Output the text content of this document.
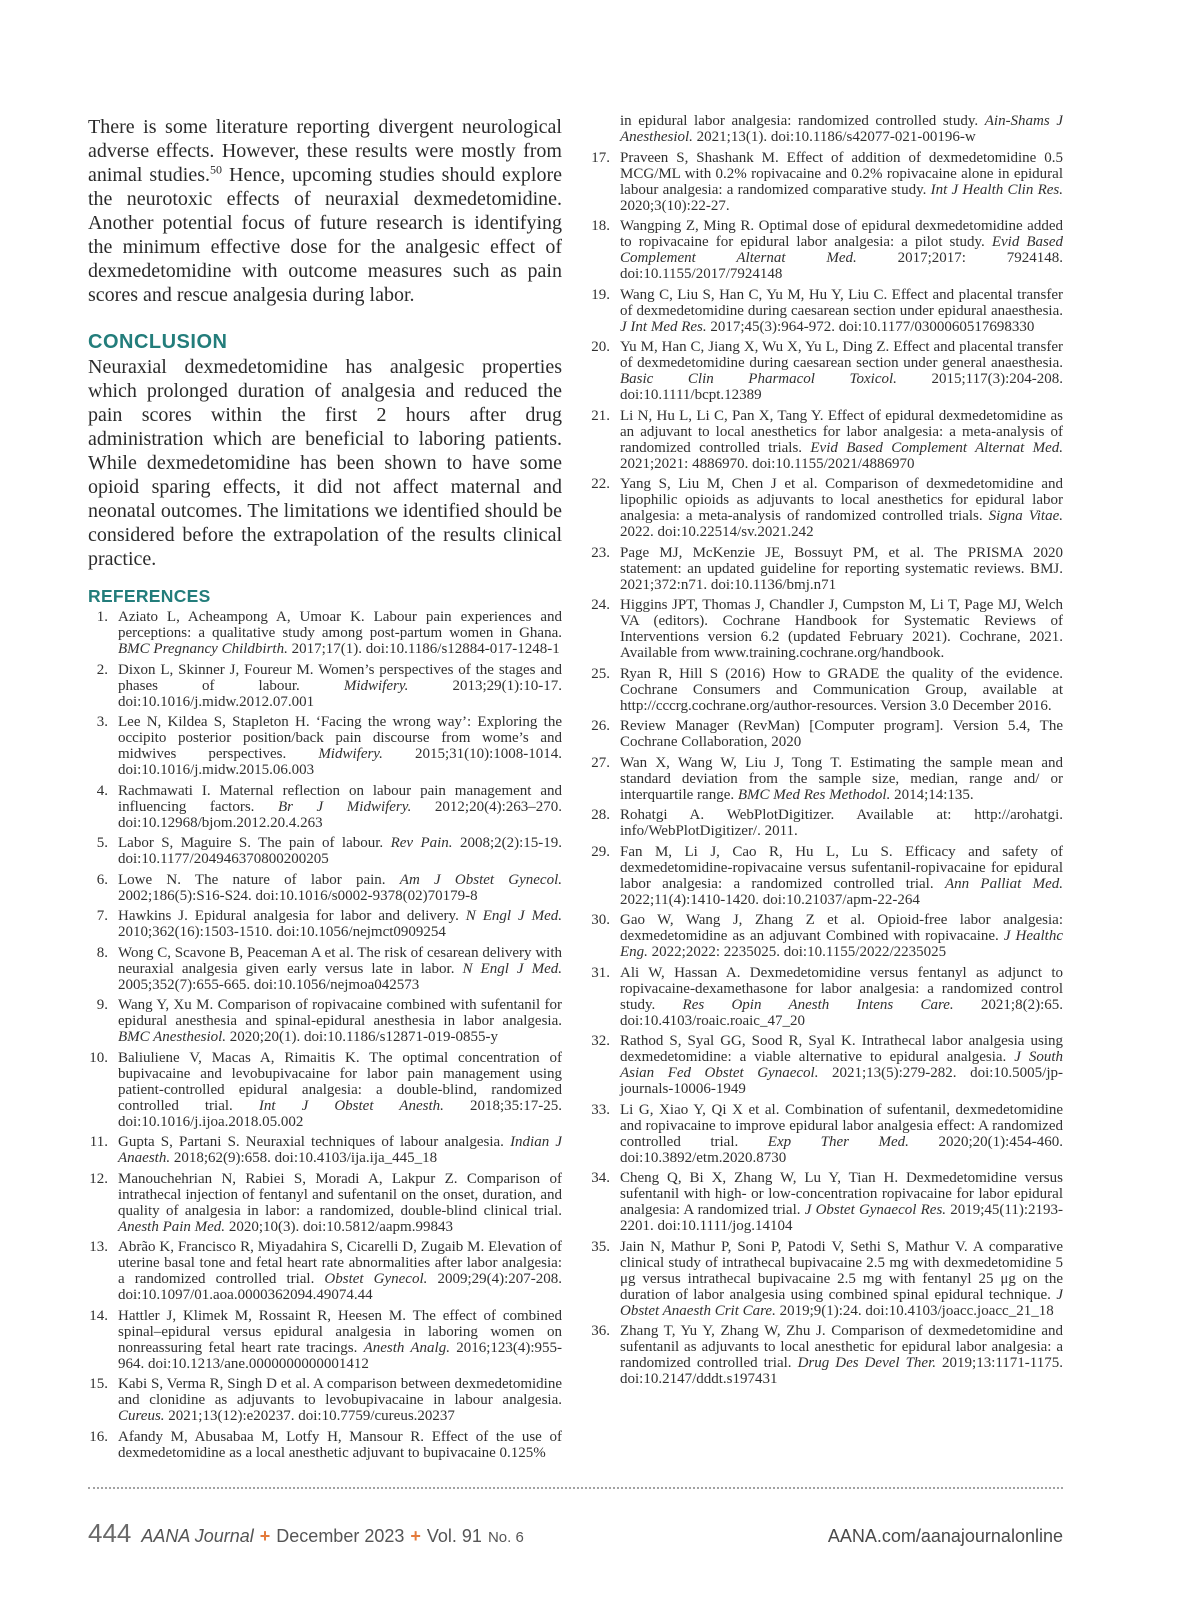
There is some literature reporting divergent neurological adverse effects. However, these results were mostly from animal studies.$^{50}$ Hence, upcoming studies should explore the neurotoxic effects of neuraxial dexmedetomidine. Another potential focus of future research is identifying the minimum effective dose for the analgesic effect of dexmedetomidine with outcome measures such as pain scores and rescue analgesia during labor.

CONCLUSION

Neuraxial dexmedetomidine has analgesic properties which prolonged duration of analgesia and reduced the pain scores within the first 2 hours after drug administration which are beneficial to laboring patients. While dexmedetomidine has been shown to have some opioid sparing effects, it did not affect maternal and neonatal outcomes. The limitations we identified should be considered before the extrapolation of the results clinical practice.

REFERENCES
1. Aziato L, Acheampong A, Umoar K. Labour pain experiences and perceptions: a qualitative study among post-partum women in Ghana. BMC Pregnancy Childbirth. 2017;17(1). doi:10.1186/s12884-017-1248-1
2. Dixon L, Skinner J, Foureur M. Women’s perspectives of the stages and phases of labour.	Midwifery.	2013;29(1):10-17. doi:10.1016/j.midw.2012.07.001
3. Lee N, Kildea S, Stapleton H. ‘Facing the wrong way’: Exploring the occipito posterior position/back pain discourse from wome’s and midwives perspectives. Midwifery. 2015;31(10):1008-1014. doi:10.1016/j.midw.2015.06.003
4. Rachmawati I. Maternal reflection on labour pain management and influencing factors. Br J Midwifery. 2012;20(4):263–270. doi:10.12968/bjom.2012.20.4.263
5. Labor S, Maguire S. The pain of labour. Rev Pain. 2008;2(2):15-19. doi:10.1177/204946370800200205
6. Lowe N. The nature of labor pain. Am J Obstet Gynecol. 2002;186(5):S16-S24. doi:10.1016/s0002-9378(02)70179-8
7. Hawkins J. Epidural analgesia for labor and delivery. N Engl J Med. 2010;362(16):1503-1510. doi:10.1056/nejmct0909254
8. Wong C, Scavone B, Peaceman A et al. The risk of cesarean delivery with neuraxial analgesia given early versus late in labor. N Engl J Med. 2005;352(7):655-665. doi:10.1056/nejmoa042573
9. Wang Y, Xu M. Comparison of ropivacaine combined with sufentanil for epidural anesthesia and spinal-epidural anesthesia in labor analgesia. BMC Anesthesiol. 2020;20(1). doi:10.1186/s12871-019-0855-y
10. Baliuliene V, Macas A, Rimaitis K. The optimal concentration of bupivacaine and levobupivacaine for labor pain management using patient-controlled epidural analgesia: a double-blind, randomized controlled trial. Int J Obstet Anesth. 2018;35:17-25. doi:10.1016/j.ijoa.2018.05.002
11. Gupta S, Partani S. Neuraxial techniques of labour analgesia. Indian J Anaesth. 2018;62(9):658. doi:10.4103/ija.ija_445_18
12. Manouchehrian N, Rabiei S, Moradi A, Lakpur Z. Comparison of intrathecal injection of fentanyl and sufentanil on the onset, duration, and quality of analgesia in labor: a randomized, double-blind clinical trial. Anesth Pain Med. 2020;10(3). doi:10.5812/aapm.99843
13. Abrão K, Francisco R, Miyadahira S, Cicarelli D, Zugaib M. Elevation of uterine basal tone and fetal heart rate abnormalities after labor analgesia: a randomized controlled trial. Obstet Gynecol. 2009;29(4):207-208. doi:10.1097/01.aoa.0000362094.49074.44
14. Hattler J, Klimek M, Rossaint R, Heesen M. The effect of combined spinal–epidural versus epidural analgesia in laboring women on nonreassuring fetal heart rate tracings. Anesth Analg. 2016;123(4):955-964. doi:10.1213/ane.0000000000001412
15. Kabi S, Verma R, Singh D et al. A comparison between dexmedetomidine and clonidine as adjuvants to levobupivacaine in labour analgesia. Cureus. 2021;13(12):e20237. doi:10.7759/cureus.20237
16. Afandy M, Abusabaa M, Lotfy H, Mansour R. Effect of the use of dexmedetomidine as a local anesthetic adjuvant to bupivacaine 0.125%
in epidural labor analgesia: randomized controlled study. Ain-Shams J Anesthesiol. 2021;13(1). doi:10.1186/s42077-021-00196-w
17. Praveen S, Shashank M. Effect of addition of dexmedetomidine 0.5 MCG/ML with 0.2% ropivacaine and 0.2% ropivacaine alone in epidural labour analgesia: a randomized comparative study. Int J Health Clin Res. 2020;3(10):22-27.
18. Wangping Z, Ming R. Optimal dose of epidural dexmedetomidine added to ropivacaine for epidural labor analgesia: a pilot study. Evid Based Complement Alternat Med.	2017;2017: 7924148. doi:10.1155/2017/7924148
19. Wang C, Liu S, Han C, Yu M, Hu Y, Liu C. Effect and placental transfer of dexmedetomidine during caesarean section under epidural anaesthesia. J Int Med Res. 2017;45(3):964-972. doi:10.1177/0300060517698330
20. Yu M, Han C, Jiang X, Wu X, Yu L, Ding Z. Effect and placental transfer of dexmedetomidine during caesarean section under general anaesthesia. Basic Clin Pharmacol Toxicol. 2015;117(3):204-208. doi:10.1111/bcpt.12389
21. Li N, Hu L, Li C, Pan X, Tang Y. Effect of epidural dexmedetomidine as an adjuvant to local anesthetics for labor analgesia: a meta-analysis of randomized controlled trials. Evid Based Complement Alternat Med. 2021;2021: 4886970. doi:10.1155/2021/4886970
22. Yang S, Liu M, Chen J et al. Comparison of dexmedetomidine and lipophilic opioids as adjuvants to local anesthetics for epidural labor analgesia: a meta-analysis of randomized controlled trials. Signa Vitae. 2022. doi:10.22514/sv.2021.242
23. Page MJ, McKenzie JE, Bossuyt PM, et al. The PRISMA 2020 statement: an updated guideline for reporting systematic reviews. BMJ. 2021;372:n71. doi:10.1136/bmj.n71
24. Higgins JPT, Thomas J, Chandler J, Cumpston M, Li T, Page MJ, Welch VA (editors). Cochrane Handbook for Systematic Reviews of Interventions version 6.2 (updated February 2021). Cochrane, 2021. Available from www.training.cochrane.org/handbook.
25. Ryan R, Hill S (2016) How to GRADE the quality of the evidence. Cochrane Consumers and Communication Group, available at http://cccrg.cochrane.org/author-resources. Version 3.0 December 2016.
26. Review Manager (RevMan) [Computer program]. Version 5.4, The Cochrane Collaboration, 2020
27. Wan X, Wang W, Liu J, Tong T. Estimating the sample mean and standard deviation from the sample size, median, range and/ or interquartile range. BMC Med Res Methodol. 2014;14:135.
28. Rohatgi A. WebPlotDigitizer. Available at: http://arohatgi. info/WebPlotDigitizer/. 2011.
29. Fan M, Li J, Cao R, Hu L, Lu S. Efficacy and safety of dexmedetomidine-ropivacaine versus sufentanil-ropivacaine for epidural labor analgesia: a randomized controlled trial. Ann Palliat Med. 2022;11(4):1410-1420. doi:10.21037/apm-22-264
30. Gao W, Wang J, Zhang Z et al. Opioid-free labor analgesia: dexmedetomidine as an adjuvant Combined with ropivacaine. J Healthc Eng. 2022;2022: 2235025. doi:10.1155/2022/2235025
31. Ali W, Hassan A. Dexmedetomidine versus fentanyl as adjunct to ropivacaine-dexamethasone for labor analgesia: a randomized control study. Res Opin Anesth Intens Care. 2021;8(2):65. doi:10.4103/roaic.roaic_47_20
32. Rathod S, Syal GG, Sood R, Syal K. Intrathecal labor analgesia using dexmedetomidine: a viable alternative to epidural analgesia. J South Asian Fed Obstet Gynaecol. 2021;13(5):279-282. doi:10.5005/jp-journals-10006-1949
33. Li G, Xiao Y, Qi X et al. Combination of sufentanil, dexmedetomidine and ropivacaine to improve epidural labor analgesia effect: A randomized controlled trial. Exp Ther Med. 2020;20(1):454-460. doi:10.3892/etm.2020.8730
34. Cheng Q, Bi X, Zhang W, Lu Y, Tian H. Dexmedetomidine versus sufentanil with high- or low-concentration ropivacaine for labor epidural analgesia: A randomized trial. J Obstet Gynaecol Res. 2019;45(11):2193-2201. doi:10.1111/jog.14104
35. Jain N, Mathur P, Soni P, Patodi V, Sethi S, Mathur V. A comparative clinical study of intrathecal bupivacaine 2.5 mg with dexmedetomidine 5 μg versus intrathecal bupivacaine 2.5 mg with fentanyl 25 μg on the duration of labor analgesia using combined spinal epidural technique. J Obstet Anaesth Crit Care. 2019;9(1):24. doi:10.4103/joacc.joacc_21_18
36. Zhang T, Yu Y, Zhang W, Zhu J. Comparison of dexmedetomidine and sufentanil as adjuvants to local anesthetic for epidural labor analgesia: a randomized controlled trial. Drug Des Devel Ther. 2019;13:1171-1175. doi:10.2147/dddt.s197431
444 AANA Journal + December 2023 + Vol. 91 No. 6	AANA.com/aanajournalonline
